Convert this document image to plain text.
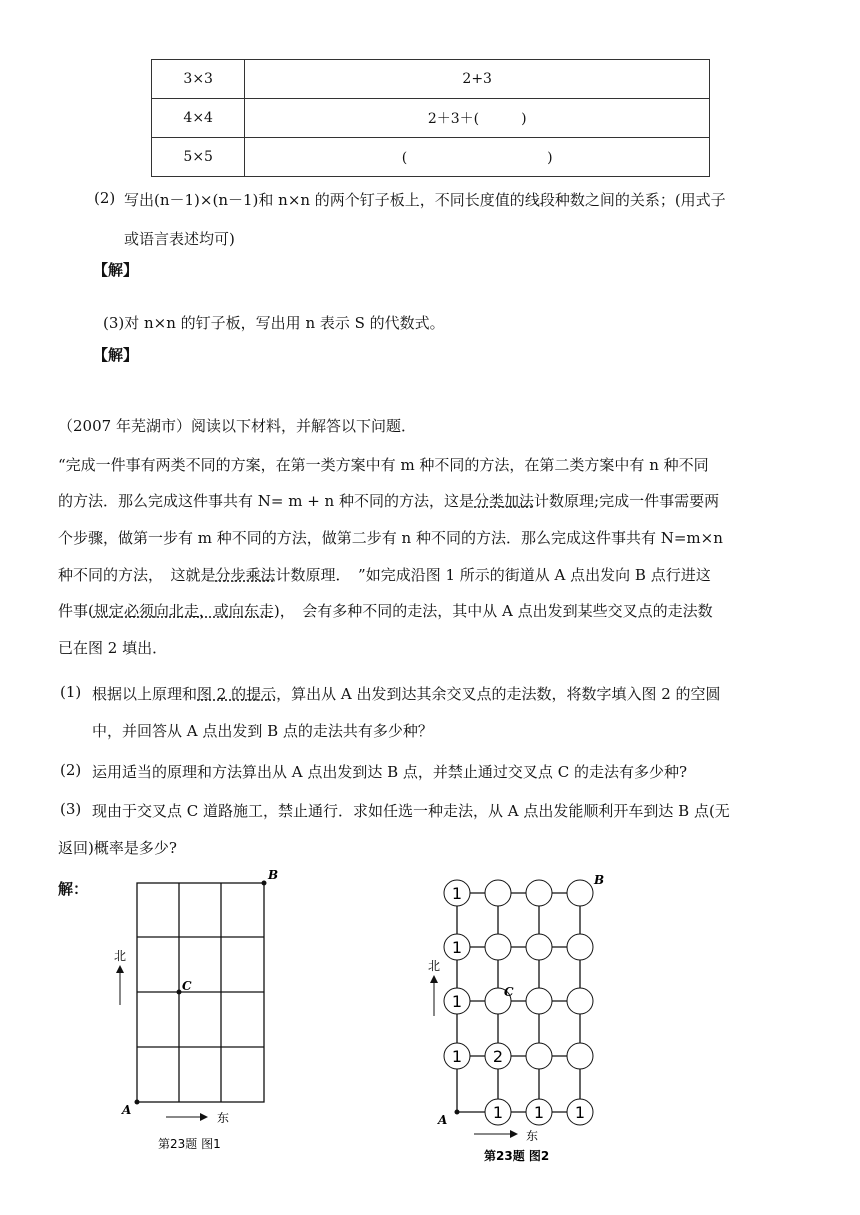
3×3	2+3
4×4	2＋3＋(　　　)
5×5	(　　　　　　　　　　)
(2) 写出(n－1)×(n－1)和 n×n 的两个钉子板上，不同长度值的线段种数之间的关系；(用式子
或语言表述均可)
【解】
(3)对 n×n 的钉子板，写出用 n 表示 S 的代数式。
【解】
（2007 年芜湖市）阅读以下材料，并解答以下问题．
“完成一件事有两类不同的方案，在第一类方案中有 m 种不同的方法，在第二类方案中有 n 种不同
的方法．那么完成这件事共有 N= m + n 种不同的方法，这是分类加法计数原理;完成一件事需要两
个步骤，做第一步有 m 种不同的方法，做第二步有 n 种不同的方法．那么完成这件事共有 N=m×n
种不同的方法，　这就是分步乘法计数原理．　”如完成沿图 1 所示的街道从 A 点出发向 B 点行进这
件事(规定必须向北走，或向东走)，　会有多种不同的走法，其中从 A 点出发到某些交叉点的走法数
已在图 2 填出．
(1) 根据以上原理和图 2 的提示，算出从 A 出发到达其余交叉点的走法数，将数字填入图 2 的空圆
中，并回答从 A 点出发到 B 点的走法共有多少种？
(2) 运用适当的原理和方法算出从 A 点出发到达 B 点，并禁止通过交叉点 C 的走法有多少种?
(3) 现由于交叉点 C 道路施工，禁止通行．求如任选一种走法，从 A 点出发能顺利开车到达 B 点(无
返回)概率是多少?
解：
B
C
A
北
东
第23题 图1
1
1
1
1 2
1 1 1
B
C
A
北
东
第23题 图2
